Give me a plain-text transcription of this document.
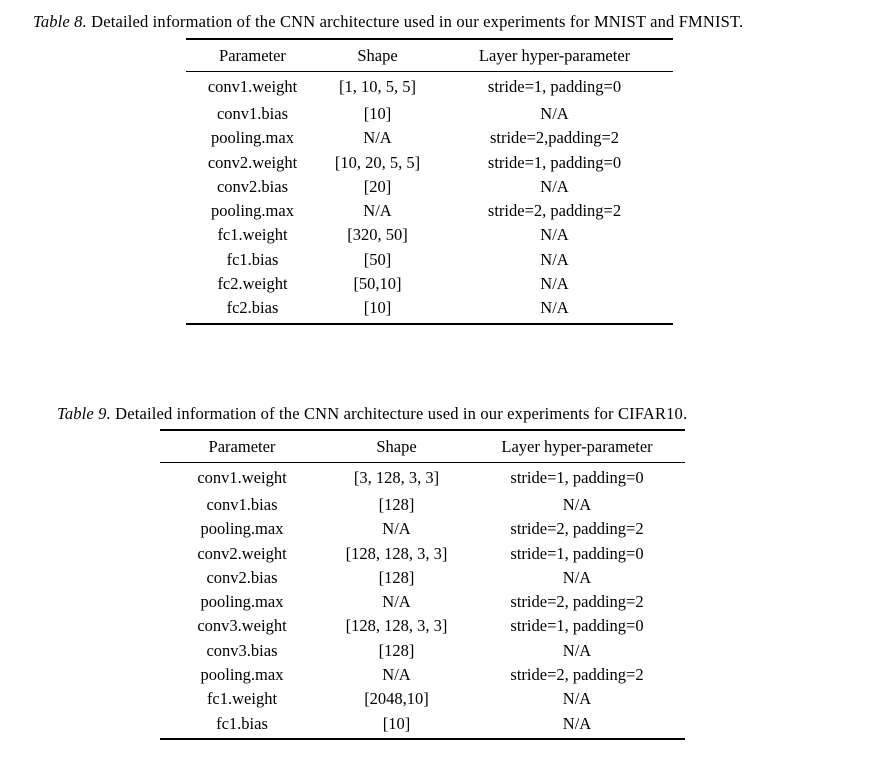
Table 8. Detailed information of the CNN architecture used in our experiments for MNIST and FMNIST.
Parameter	Shape	Layer hyper-parameter
conv1.weight	[1, 10, 5, 5]	stride=1, padding=0
conv1.bias	[10]	N/A
pooling.max	N/A	stride=2,padding=2
conv2.weight	[10, 20, 5, 5]	stride=1, padding=0
conv2.bias	[20]	N/A
pooling.max	N/A	stride=2, padding=2
fc1.weight	[320, 50]	N/A
fc1.bias	[50]	N/A
fc2.weight	[50,10]	N/A
fc2.bias	[10]	N/A
Table 9. Detailed information of the CNN architecture used in our experiments for CIFAR10.
Parameter	Shape	Layer hyper-parameter
conv1.weight	[3, 128, 3, 3]	stride=1, padding=0
conv1.bias	[128]	N/A
pooling.max	N/A	stride=2, padding=2
conv2.weight	[128, 128, 3, 3]	stride=1, padding=0
conv2.bias	[128]	N/A
pooling.max	N/A	stride=2, padding=2
conv3.weight	[128, 128, 3, 3]	stride=1, padding=0
conv3.bias	[128]	N/A
pooling.max	N/A	stride=2, padding=2
fc1.weight	[2048,10]	N/A
fc1.bias	[10]	N/A
